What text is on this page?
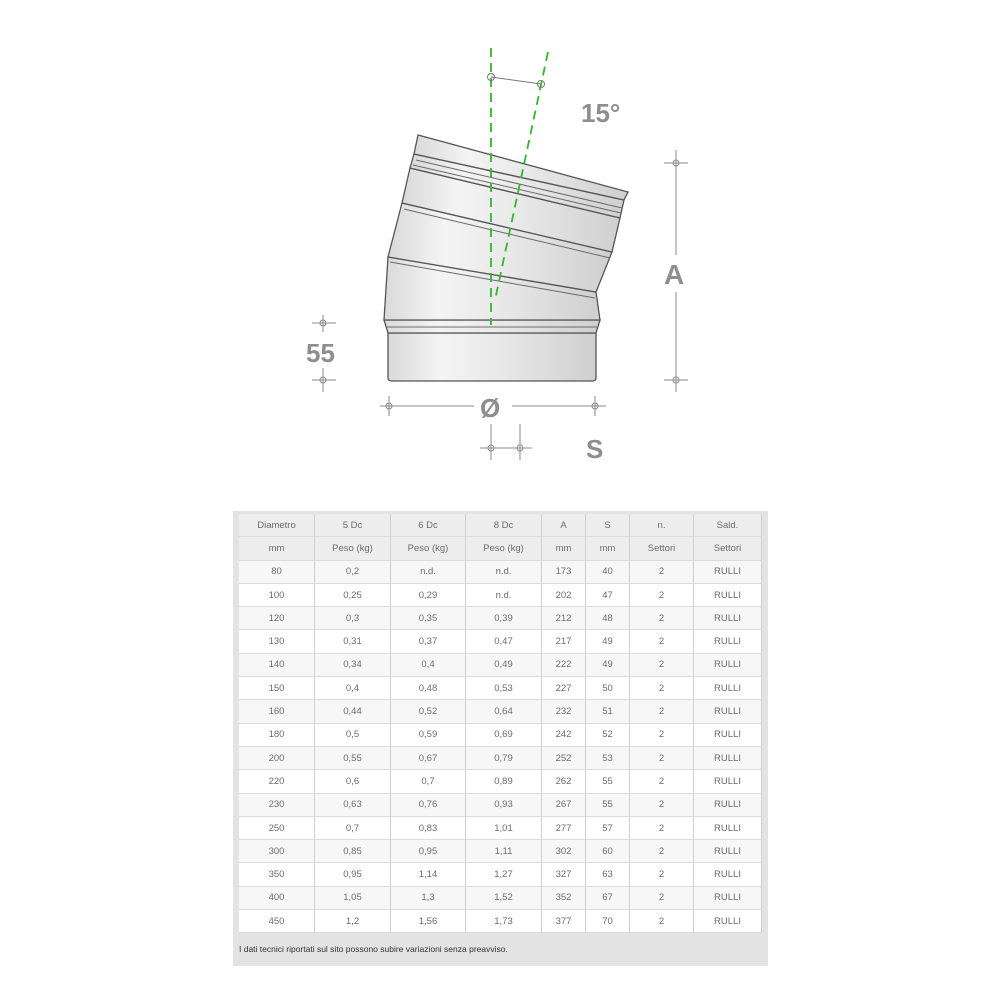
15°
A
55
Ø
S
Diametro	5 Dc	6 Dc	8 Dc	A	S	n.	Sald.
mm	Peso (kg)	Peso (kg)	Peso (kg)	mm	mm	Settori	Settori
80	0,2	n.d.	n.d.	173	40	2	RULLI
100	0,25	0,29	n.d.	202	47	2	RULLI
120	0,3	0,35	0,39	212	48	2	RULLI
130	0,31	0,37	0,47	217	49	2	RULLI
140	0,34	0,4	0,49	222	49	2	RULLI
150	0,4	0,48	0,53	227	50	2	RULLI
160	0,44	0,52	0,64	232	51	2	RULLI
180	0,5	0,59	0,69	242	52	2	RULLI
200	0,55	0,67	0,79	252	53	2	RULLI
220	0,6	0,7	0,89	262	55	2	RULLI
230	0,63	0,76	0,93	267	55	2	RULLI
250	0,7	0,83	1,01	277	57	2	RULLI
300	0,85	0,95	1,11	302	60	2	RULLI
350	0,95	1,14	1,27	327	63	2	RULLI
400	1,05	1,3	1,52	352	67	2	RULLI
450	1,2	1,56	1,73	377	70	2	RULLI
I dati tecnici riportati sul sito possono subire variazioni senza preavviso.
